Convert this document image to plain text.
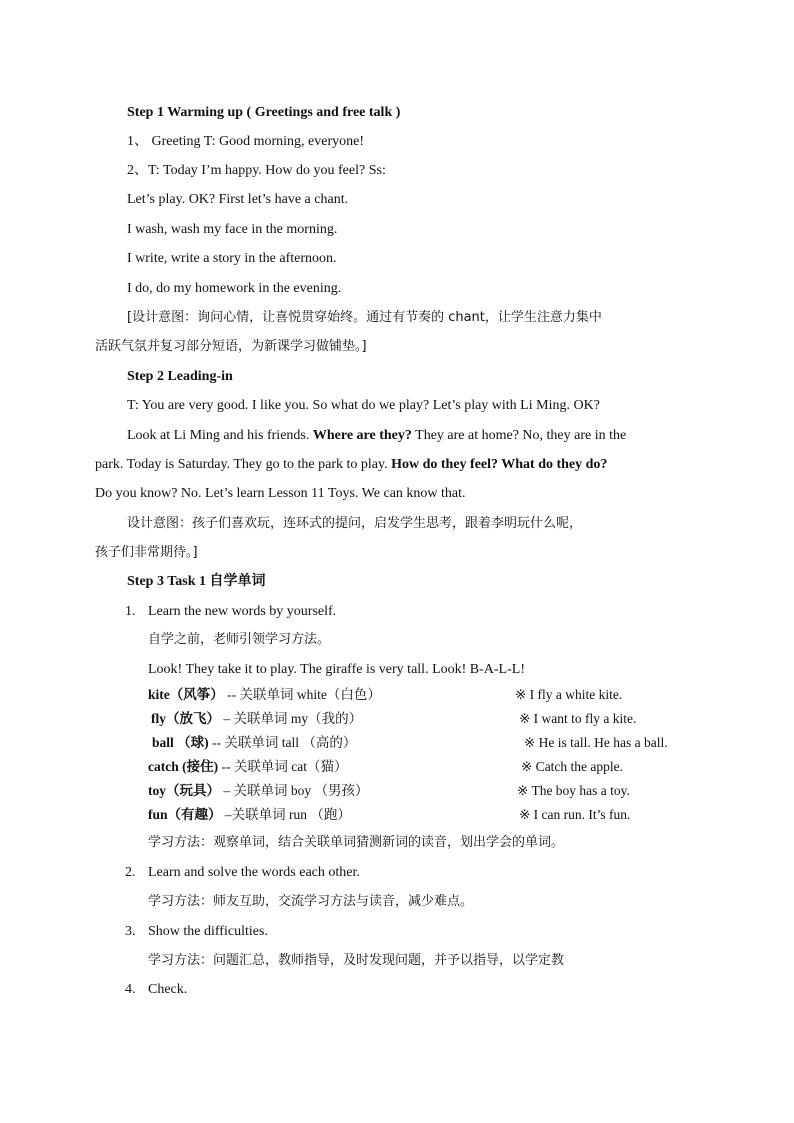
Step 1 Warming up ( Greetings and free talk )
1、 Greeting T: Good morning, everyone!
2、T: Today I’m happy. How do you feel? Ss:
Let’s play. OK? First let’s have a chant.
I wash, wash my face in the morning.
I write, write a story in the afternoon.
I do, do my homework in the evening.
[设计意图：询问心情，让喜悦贯穿始终。通过有节奏的 chant，让学生注意力集中
活跃气氛并复习部分短语，为新课学习做铺垫。]
Step 2 Leading-in
T: You are very good. I like you. So what do we play? Let’s play with Li Ming. OK?
Look at Li Ming and his friends. Where are they? They are at home? No, they are in the
park. Today is Saturday. They go to the park to play. How do they feel? What do they do?
Do you know? No. Let’s learn Lesson 11 Toys. We can know that.
设计意图：孩子们喜欢玩，连环式的提问，启发学生思考，跟着李明玩什么呢，
孩子们非常期待。]
Step 3 Task 1 自学单词
1. Learn the new words by yourself.
自学之前，老师引领学习方法。
Look! They take it to play. The giraffe is very tall. Look! B-A-L-L!
kite（风筝） -- 关联单词 white（白色）	※ I fly a white kite.
fly（放飞） – 关联单词 my（我的）	※ I want to fly a kite.
ball （球) -- 关联单词 tall （高的）	※ He is tall. He has a ball.
catch (接住) -- 关联单词 cat（猫）	※ Catch the apple.
toy（玩具） – 关联单词 boy （男孩）	※ The boy has a toy.
fun（有趣） –关联单词 run （跑）	※ I can run. It’s fun.
学习方法：观察单词，结合关联单词猜测新词的读音，划出学会的单词。
2. Learn and solve the words each other.
学习方法：师友互助，交流学习方法与读音，减少难点。
3. Show the difficulties.
学习方法：问题汇总，教师指导，及时发现问题，并予以指导，以学定教
4. Check.
